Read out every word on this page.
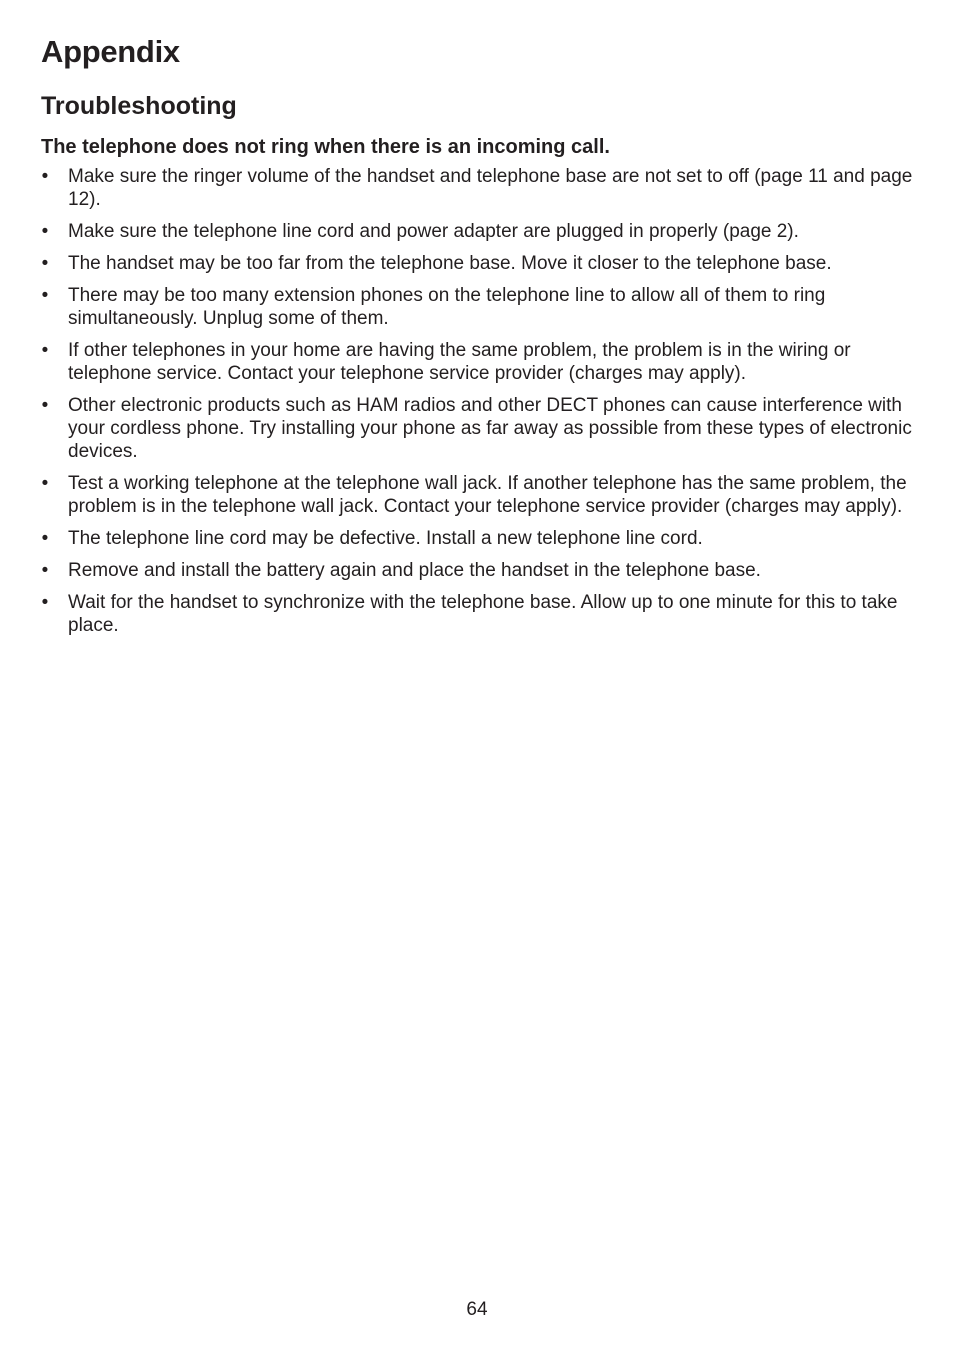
Appendix
Troubleshooting
The telephone does not ring when there is an incoming call.
• Make sure the ringer volume of the handset and telephone base are not set to off (page 11 and page 12).
• Make sure the telephone line cord and power adapter are plugged in properly (page 2).
• The handset may be too far from the telephone base. Move it closer to the telephone base.
• There may be too many extension phones on the telephone line to allow all of them to ring simultaneously. Unplug some of them.
• If other telephones in your home are having the same problem, the problem is in the wiring or telephone service. Contact your telephone service provider (charges may apply).
• Other electronic products such as HAM radios and other DECT phones can cause interference with your cordless phone. Try installing your phone as far away as possible from these types of electronic devices.
• Test a working telephone at the telephone wall jack. If another telephone has the same problem, the problem is in the telephone wall jack. Contact your telephone service provider (charges may apply).
• The telephone line cord may be defective. Install a new telephone line cord.
• Remove and install the battery again and place the handset in the telephone base.
• Wait for the handset to synchronize with the telephone base. Allow up to one minute for this to take place.
64
